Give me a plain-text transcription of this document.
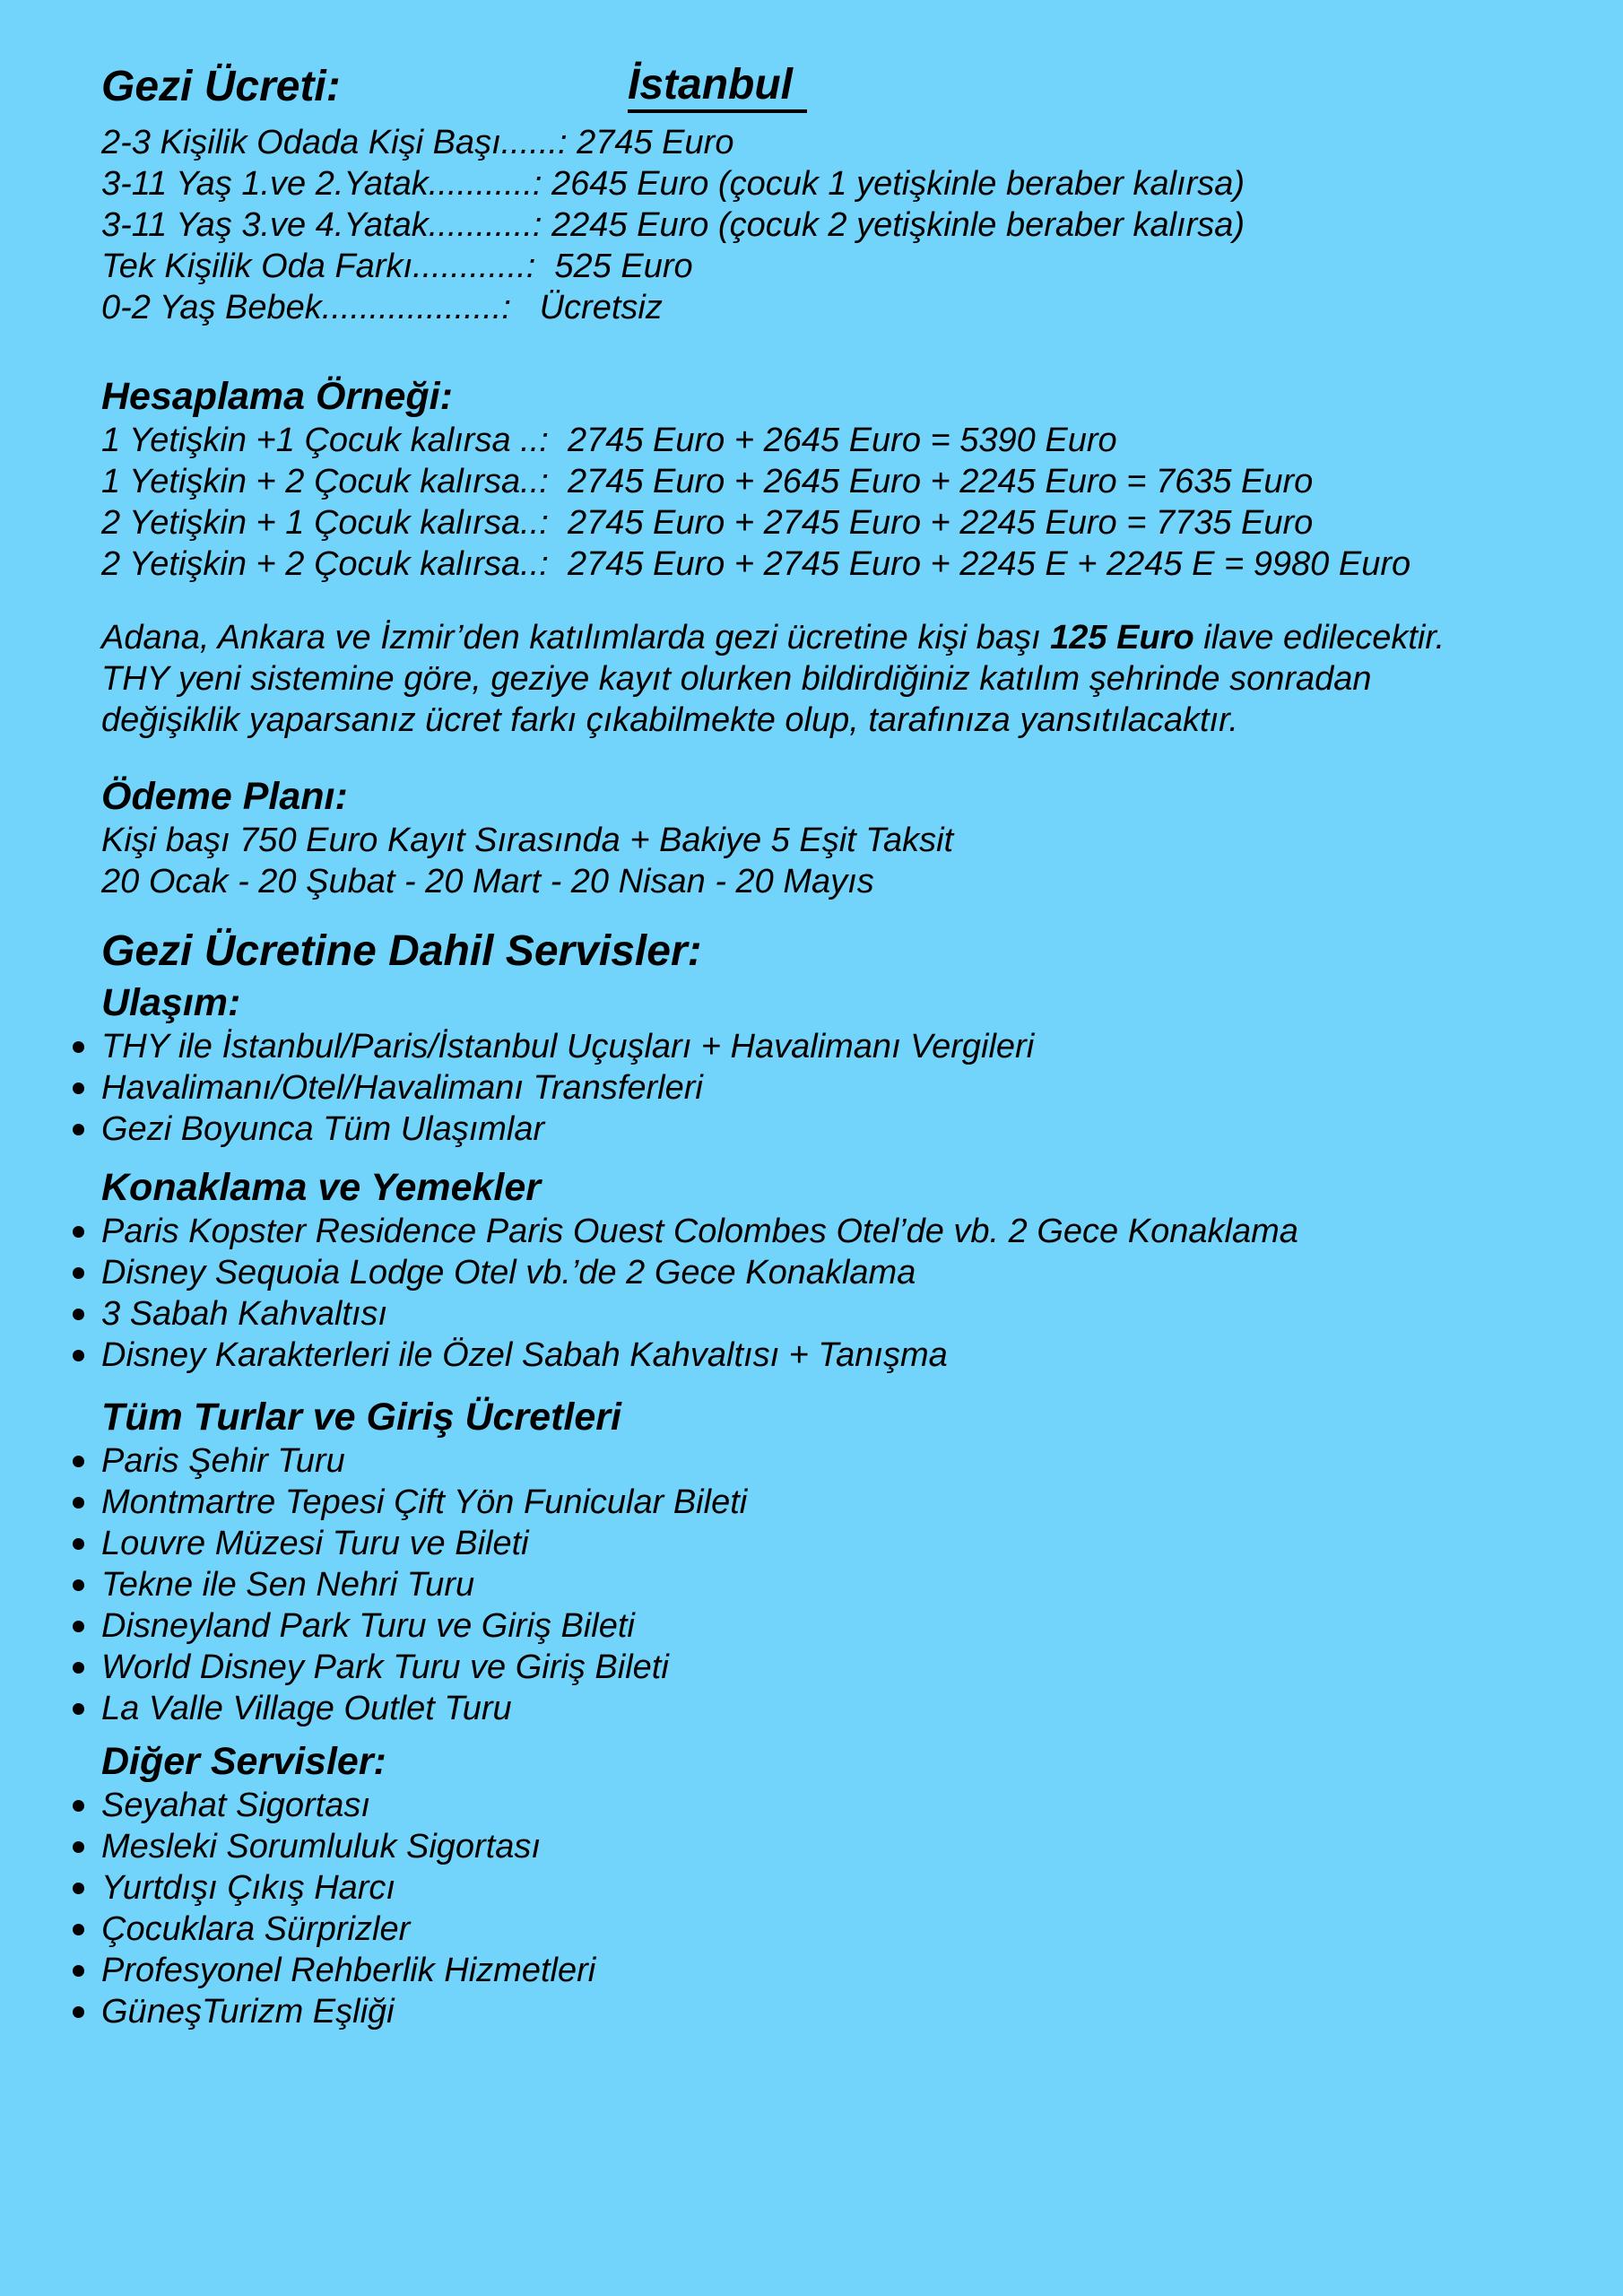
Gezi Ücreti:	İstanbul
2-3 Kişilik Odada Kişi Başı......: 2745 Euro
3-11 Yaş 1.ve 2.Yatak...........: 2645 Euro (çocuk 1 yetişkinle beraber kalırsa)
3-11 Yaş 3.ve 4.Yatak...........: 2245 Euro (çocuk 2 yetişkinle beraber kalırsa)
Tek Kişilik Oda Farkı............:  525 Euro
0-2 Yaş Bebek...................:   Ücretsiz
Hesaplama Örneği:
1 Yetişkin +1 Çocuk kalırsa ..:  2745 Euro + 2645 Euro = 5390 Euro
1 Yetişkin + 2 Çocuk kalırsa..:  2745 Euro + 2645 Euro + 2245 Euro = 7635 Euro
2 Yetişkin + 1 Çocuk kalırsa..:  2745 Euro + 2745 Euro + 2245 Euro = 7735 Euro
2 Yetişkin + 2 Çocuk kalırsa..:  2745 Euro + 2745 Euro + 2245 E + 2245 E = 9980 Euro
Adana, Ankara ve İzmir’den katılımlarda gezi ücretine kişi başı 125 Euro ilave edilecektir.
THY yeni sistemine göre, geziye kayıt olurken bildirdiğiniz katılım şehrinde sonradan
değişiklik yaparsanız ücret farkı çıkabilmekte olup, tarafınıza yansıtılacaktır.
Ödeme Planı:
Kişi başı 750 Euro Kayıt Sırasında + Bakiye 5 Eşit Taksit
20 Ocak - 20 Şubat - 20 Mart - 20 Nisan - 20 Mayıs
Gezi Ücretine Dahil Servisler:
Ulaşım:
THY ile İstanbul/Paris/İstanbul Uçuşları + Havalimanı Vergileri
Havalimanı/Otel/Havalimanı Transferleri
Gezi Boyunca Tüm Ulaşımlar
Konaklama ve Yemekler
Paris Kopster Residence Paris Ouest Colombes Otel’de vb. 2 Gece Konaklama
Disney Sequoia Lodge Otel vb.’de 2 Gece Konaklama
3 Sabah Kahvaltısı
Disney Karakterleri ile Özel Sabah Kahvaltısı + Tanışma
Tüm Turlar ve Giriş Ücretleri
Paris Şehir Turu
Montmartre Tepesi Çift Yön Funicular Bileti
Louvre Müzesi Turu ve Bileti
Tekne ile Sen Nehri Turu
Disneyland Park Turu ve Giriş Bileti
World Disney Park Turu ve Giriş Bileti
La Valle Village Outlet Turu
Diğer Servisler:
Seyahat Sigortası
Mesleki Sorumluluk Sigortası
Yurtdışı Çıkış Harcı
Çocuklara Sürprizler
Profesyonel Rehberlik Hizmetleri
GüneşTurizm Eşliği
